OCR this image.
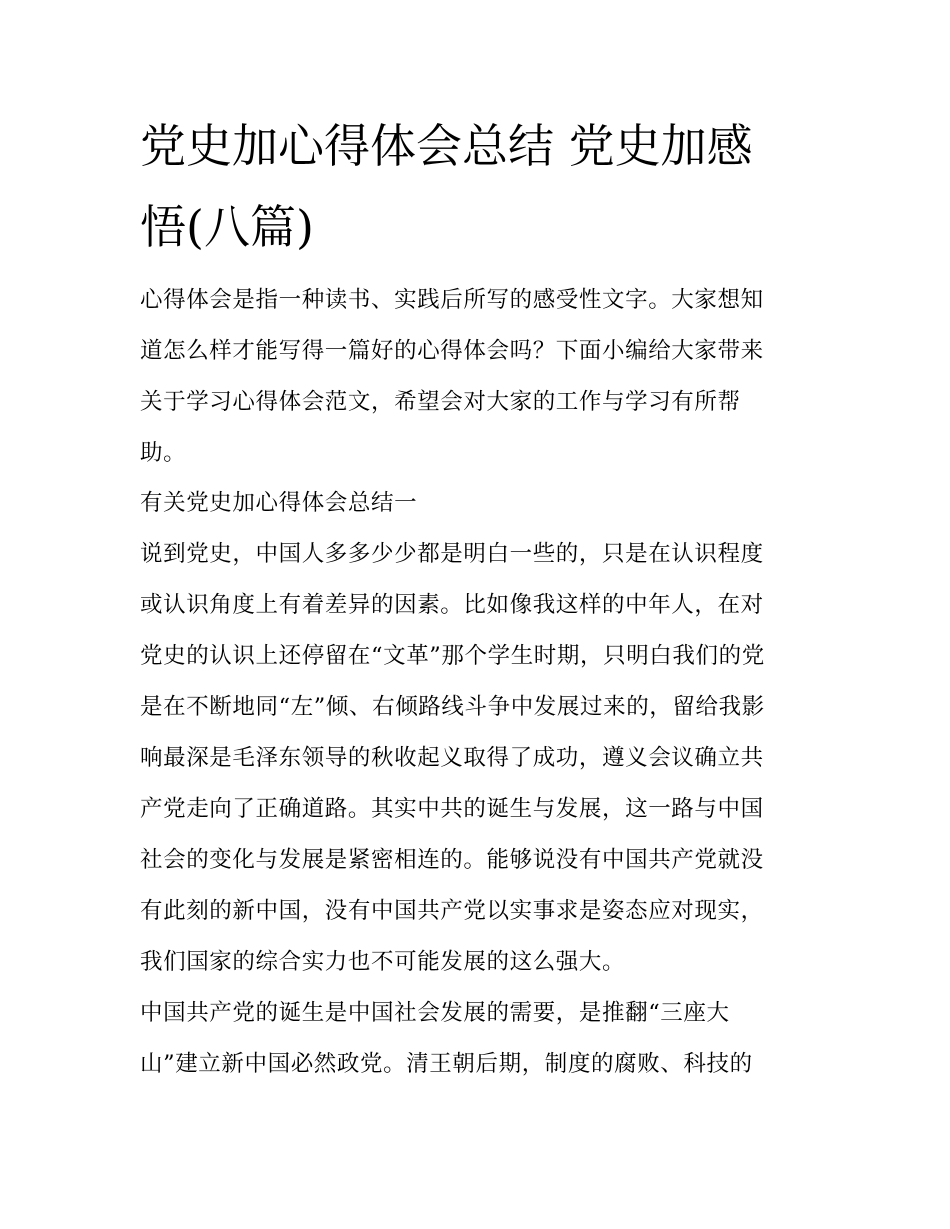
党史加心得体会总结 党史加感
悟(八篇)
心得体会是指一种读书、实践后所写的感受性文字。大家想知
道怎么样才能写得一篇好的心得体会吗？下面小编给大家带来
关于学习心得体会范文，希望会对大家的工作与学习有所帮
助。
有关党史加心得体会总结一
说到党史，中国人多多少少都是明白一些的，只是在认识程度
或认识角度上有着差异的因素。比如像我这样的中年人，在对
党史的认识上还停留在“文革”那个学生时期，只明白我们的党
是在不断地同“左”倾、右倾路线斗争中发展过来的，留给我影
响最深是毛泽东领导的秋收起义取得了成功，遵义会议确立共
产党走向了正确道路。其实中共的诞生与发展，这一路与中国
社会的变化与发展是紧密相连的。能够说没有中国共产党就没
有此刻的新中国，没有中国共产党以实事求是姿态应对现实，
我们国家的综合实力也不可能发展的这么强大。
中国共产党的诞生是中国社会发展的需要，是推翻“三座大
山”建立新中国必然政党。清王朝后期，制度的腐败、科技的
